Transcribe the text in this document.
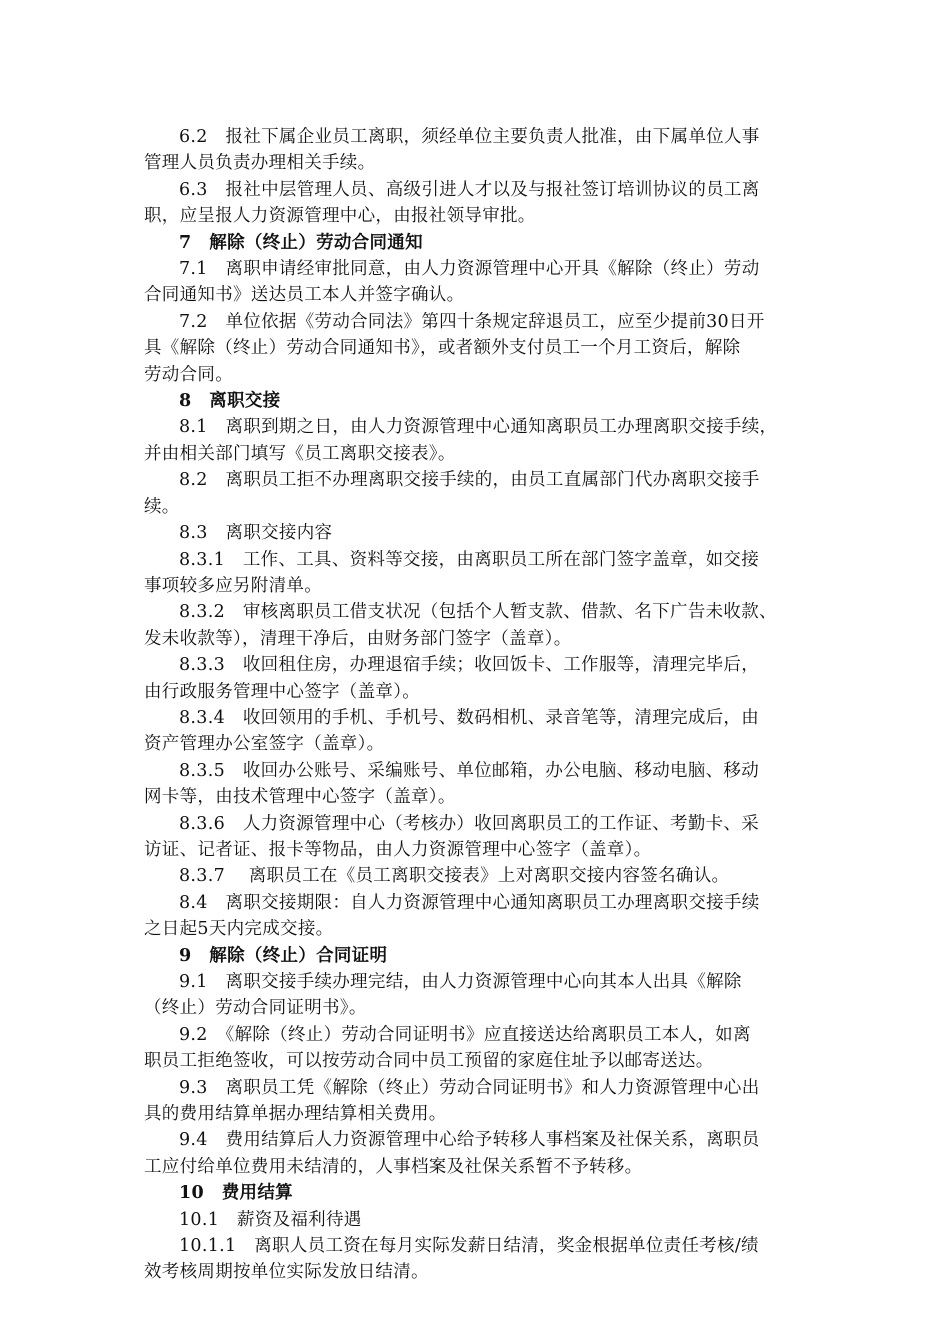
6.2　报社下属企业员工离职，须经单位主要负责人批准，由下属单位人事
管理人员负责办理相关手续。
6.3　报社中层管理人员、高级引进人才以及与报社签订培训协议的员工离
职，应呈报人力资源管理中心，由报社领导审批。
7　解除（终止）劳动合同通知
7.1　离职申请经审批同意，由人力资源管理中心开具《解除（终止）劳动
合同通知书》送达员工本人并签字确认。
7.2　单位依据《劳动合同法》第四十条规定辞退员工，应至少提前30日开
具《解除（终止）劳动合同通知书》，或者额外支付员工一个月工资后，解除
劳动合同。
8　离职交接
8.1　离职到期之日，由人力资源管理中心通知离职员工办理离职交接手续，
并由相关部门填写《员工离职交接表》。
8.2　离职员工拒不办理离职交接手续的，由员工直属部门代办离职交接手
续。
8.3　离职交接内容
8.3.1　工作、工具、资料等交接，由离职员工所在部门签字盖章，如交接
事项较多应另附清单。
8.3.2　审核离职员工借支状况（包括个人暂支款、借款、名下广告未收款、
发未收款等），清理干净后，由财务部门签字（盖章）。
8.3.3　收回租住房，办理退宿手续；收回饭卡、工作服等，清理完毕后，
由行政服务管理中心签字（盖章）。
8.3.4　收回领用的手机、手机号、数码相机、录音笔等，清理完成后，由
资产管理办公室签字（盖章）。
8.3.5　收回办公账号、采编账号、单位邮箱，办公电脑、移动电脑、移动
网卡等，由技术管理中心签字（盖章）。
8.3.6　人力资源管理中心（考核办）收回离职员工的工作证、考勤卡、采
访证、记者证、报卡等物品，由人力资源管理中心签字（盖章）。
8.3.7　 离职员工在《员工离职交接表》上对离职交接内容签名确认。
8.4　离职交接期限：自人力资源管理中心通知离职员工办理离职交接手续
之日起5天内完成交接。
9　解除（终止）合同证明
9.1　离职交接手续办理完结，由人力资源管理中心向其本人出具《解除
（终止）劳动合同证明书》。
9.2　《解除（终止）劳动合同证明书》应直接送达给离职员工本人，如离
职员工拒绝签收，可以按劳动合同中员工预留的家庭住址予以邮寄送达。
9.3　离职员工凭《解除（终止）劳动合同证明书》和人力资源管理中心出
具的费用结算单据办理结算相关费用。
9.4　费用结算后人力资源管理中心给予转移人事档案及社保关系，离职员
工应付给单位费用未结清的，人事档案及社保关系暂不予转移。
10　费用结算
10.1　薪资及福利待遇
10.1.1　离职人员工资在每月实际发薪日结清，奖金根据单位责任考核/绩
效考核周期按单位实际发放日结清。
